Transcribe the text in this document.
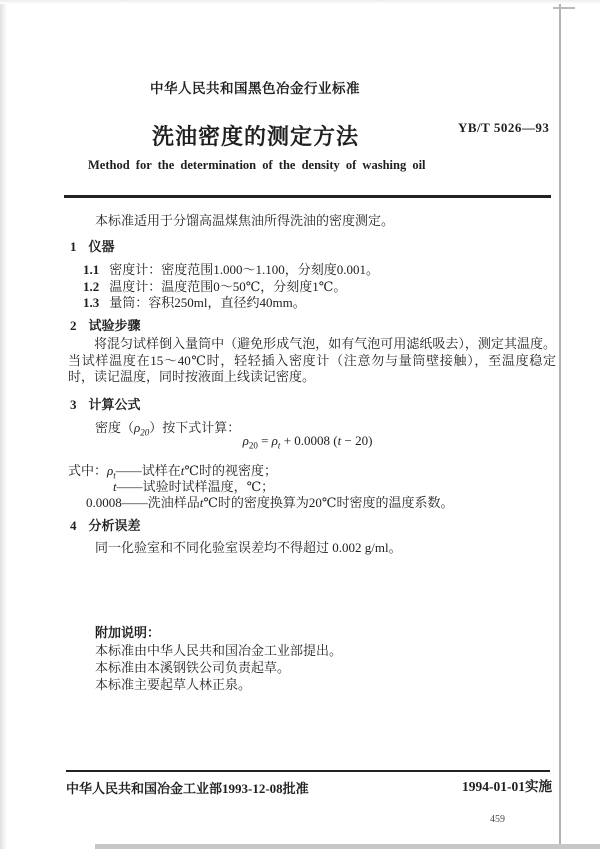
中华人民共和国黑色冶金行业标准
洗油密度的测定方法	YB/T 5026—93
Method for the determination of the density of washing oil
本标准适用于分馏高温煤焦油所得洗油的密度测定。
1 仪器
1.1 密度计：密度范围1.000～1.100，分刻度0.001。
1.2 温度计：温度范围0～50℃，分刻度1℃。
1.3 量筒：容积250ml，直径约40mm。
2 试验步骤
将混匀试样倒入量筒中（避免形成气泡，如有气泡可用滤纸吸去），测定其温度。当试样温度在15～40℃时，轻轻插入密度计（注意勿与量筒壁接触），至温度稳定时，读记温度，同时按液面上线读记密度。
3 计算公式
密度$(\rho_{20})$按下式计算：
$\rho_{20} = \rho_t + 0.0008$ (t − 20)
式中：$\rho_t——$试样在t℃时的视密度；
t——试验时试样温度，℃；
0.0008——洗油样品t℃时的密度换算为20℃时密度的温度系数。
4 分析误差
同一化验室和不同化验室误差均不得超过 0.002 g/ml。
附加说明：
本标准由中华人民共和国冶金工业部提出。
本标准由本溪钢铁公司负责起草。
本标准主要起草人林正泉。
中华人民共和国冶金工业部1993-12-08批准	1994-01-01实施
459
